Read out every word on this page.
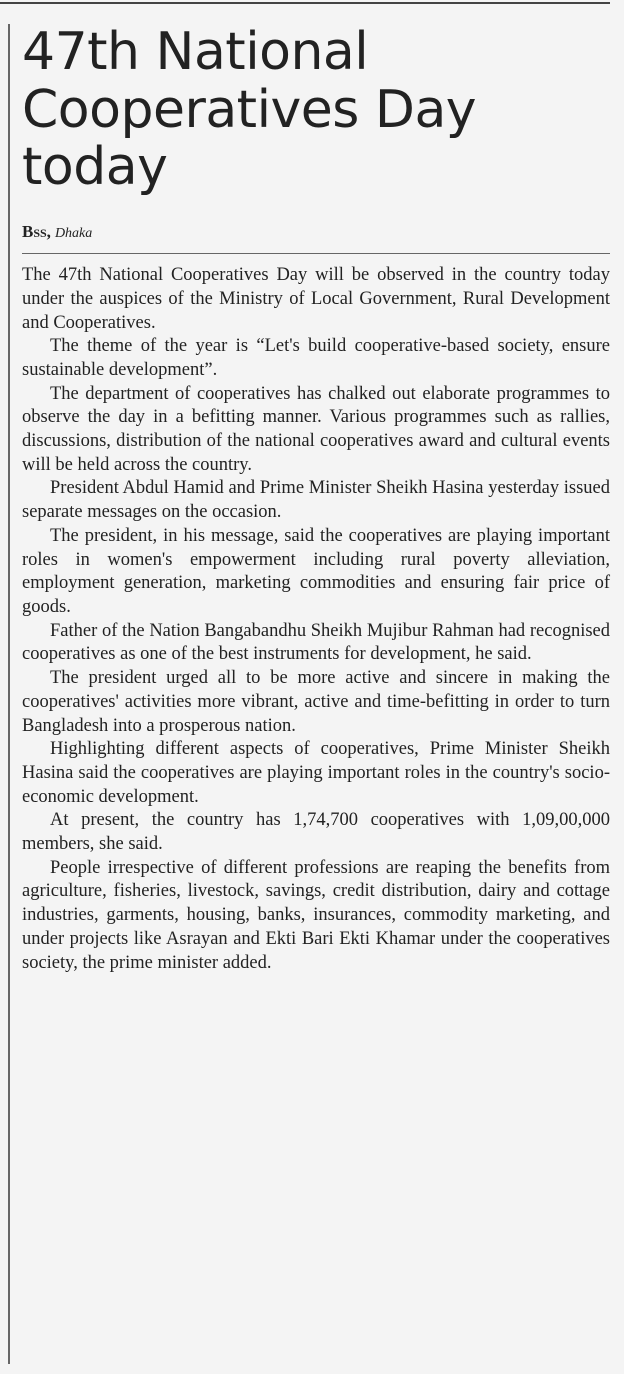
47th National Cooperatives Day today
Bss, Dhaka

The 47th National Cooperatives Day will be observed in the country today under the auspices of the Ministry of Local Government, Rural Development and Cooperatives.

The theme of the year is “Let's build cooperative-based society, ensure sustainable development”.

The department of cooperatives has chalked out elaborate programmes to observe the day in a befitting manner. Various programmes such as rallies, discussions, distribution of the national cooperatives award and cultural events will be held across the country.

President Abdul Hamid and Prime Minister Sheikh Hasina yesterday issued separate messages on the occasion.

The president, in his message, said the cooperatives are playing important roles in women's empowerment including rural poverty alleviation, employment generation, marketing commodities and ensuring fair price of goods.

Father of the Nation Bangabandhu Sheikh Mujibur Rahman had recognised cooperatives as one of the best instruments for development, he said.

The president urged all to be more active and sincere in making the cooperatives' activities more vibrant, active and time-befitting in order to turn Bangladesh into a prosperous nation.

Highlighting different aspects of cooperatives, Prime Minister Sheikh Hasina said the cooperatives are playing important roles in the country's socio-economic development.

At present, the country has 1,74,700 cooperatives with 1,09,00,000 members, she said.

People irrespective of different professions are reaping the benefits from agriculture, fisheries, livestock, savings, credit distribution, dairy and cottage industries, garments, housing, banks, insurances, commodity marketing, and under projects like Asrayan and Ekti Bari Ekti Khamar under the cooperatives society, the prime minister added.
